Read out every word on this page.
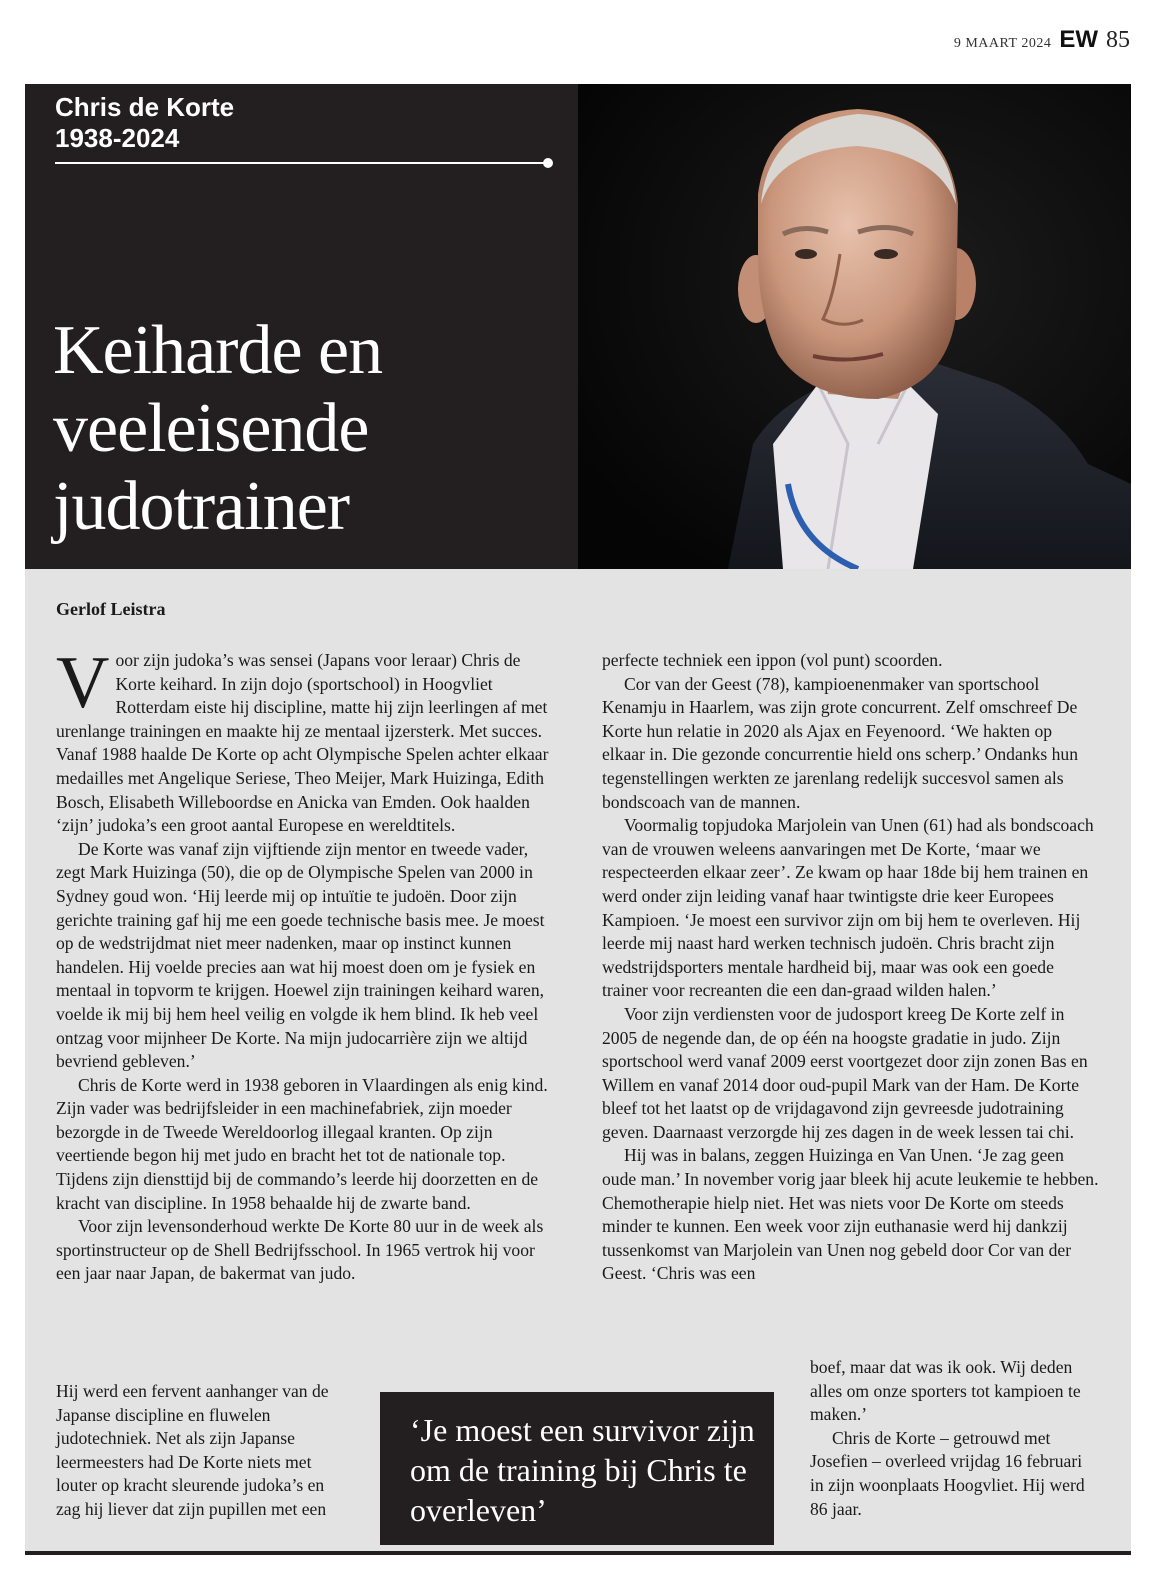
9 MAART 2024 EW 85
Chris de Korte
1938-2024
Keiharde en
veeleisende
judotrainer
Gerlof Leistra

Voor zijn judoka’s was sensei (Japans voor leraar) Chris de Korte keihard. In zijn dojo (sportschool) in Hoogvliet Rotterdam eiste hij discipline, matte hij zijn leerlingen af met urenlange trainingen en maakte hij ze mentaal ijzersterk. Met succes. Vanaf 1988 haalde De Korte op acht Olympische Spelen achter elkaar medailles met Angelique Seriese, Theo Meijer, Mark Huizinga, Edith Bosch, Elisabeth Willeboordse en Anicka van Emden. Ook haalden ‘zijn’ judoka’s een groot aantal Europese en wereldtitels.

De Korte was vanaf zijn vijftiende zijn mentor en tweede vader, zegt Mark Huizinga (50), die op de Olympische Spelen van 2000 in Sydney goud won. ‘Hij leerde mij op intuïtie te judoën. Door zijn gerichte training gaf hij me een goede technische basis mee. Je moest op de wedstrijdmat niet meer nadenken, maar op instinct kunnen handelen. Hij voelde precies aan wat hij moest doen om je fysiek en mentaal in topvorm te krijgen. Hoewel zijn trainingen keihard waren, voelde ik mij bij hem heel veilig en volgde ik hem blind. Ik heb veel ontzag voor mijnheer De Korte. Na mijn judocarrière zijn we altijd bevriend gebleven.’

Chris de Korte werd in 1938 geboren in Vlaardingen als enig kind. Zijn vader was bedrijfsleider in een machinefabriek, zijn moeder bezorgde in de Tweede Wereldoorlog illegaal kranten. Op zijn veertiende begon hij met judo en bracht het tot de nationale top. Tijdens zijn diensttijd bij de commando’s leerde hij doorzetten en de kracht van discipline. In 1958 behaalde hij de zwarte band.

Voor zijn levensonderhoud werkte De Korte 80 uur in de week als sportinstructeur op de Shell Bedrijfsschool. In 1965 vertrok hij voor een jaar naar Japan, de bakermat van judo.

Hij werd een fervent aanhanger van de Japanse discipline en fluwelen judotechniek. Net als zijn Japanse leermeesters had De Korte niets met louter op kracht sleurende judoka’s en zag hij liever dat zijn pupillen met een

perfecte techniek een ippon (vol punt) scoorden.

Cor van der Geest (78), kampioenenmaker van sportschool Kenamju in Haarlem, was zijn grote concurrent. Zelf omschreef De Korte hun relatie in 2020 als Ajax en Feyenoord. ‘We hakten op elkaar in. Die gezonde concurrentie hield ons scherp.’ Ondanks hun tegenstellingen werkten ze jarenlang redelijk succesvol samen als bondscoach van de mannen.

Voormalig topjudoka Marjolein van Unen (61) had als bondscoach van de vrouwen weleens aanvaringen met De Korte, ‘maar we respecteerden elkaar zeer’. Ze kwam op haar 18de bij hem trainen en werd onder zijn leiding vanaf haar twintigste drie keer Europees Kampioen. ‘Je moest een survivor zijn om bij hem te overleven. Hij leerde mij naast hard werken technisch judoën. Chris bracht zijn wedstrijdsporters mentale hardheid bij, maar was ook een goede trainer voor recreanten die een dan-graad wilden halen.’

Voor zijn verdiensten voor de judosport kreeg De Korte zelf in 2005 de negende dan, de op één na hoogste gradatie in judo. Zijn sportschool werd vanaf 2009 eerst voortgezet door zijn zonen Bas en Willem en vanaf 2014 door oud-pupil Mark van der Ham. De Korte bleef tot het laatst op de vrijdagavond zijn gevreesde judotraining geven. Daarnaast verzorgde hij zes dagen in de week lessen tai chi.

Hij was in balans, zeggen Huizinga en Van Unen. ‘Je zag geen oude man.’ In november vorig jaar bleek hij acute leukemie te hebben. Chemotherapie hielp niet. Het was niets voor De Korte om steeds minder te kunnen. Een week voor zijn euthanasie werd hij dankzij tussenkomst van Marjolein van Unen nog gebeld door Cor van der Geest. ‘Chris was een

boef, maar dat was ik ook. Wij deden alles om onze sporters tot kampioen te maken.’

Chris de Korte – getrouwd met Josefien – overleed vrijdag 16 februari in zijn woonplaats Hoogvliet. Hij werd 86 jaar.

‘Je moest een survivor zijn om de training bij Chris te overleven’
